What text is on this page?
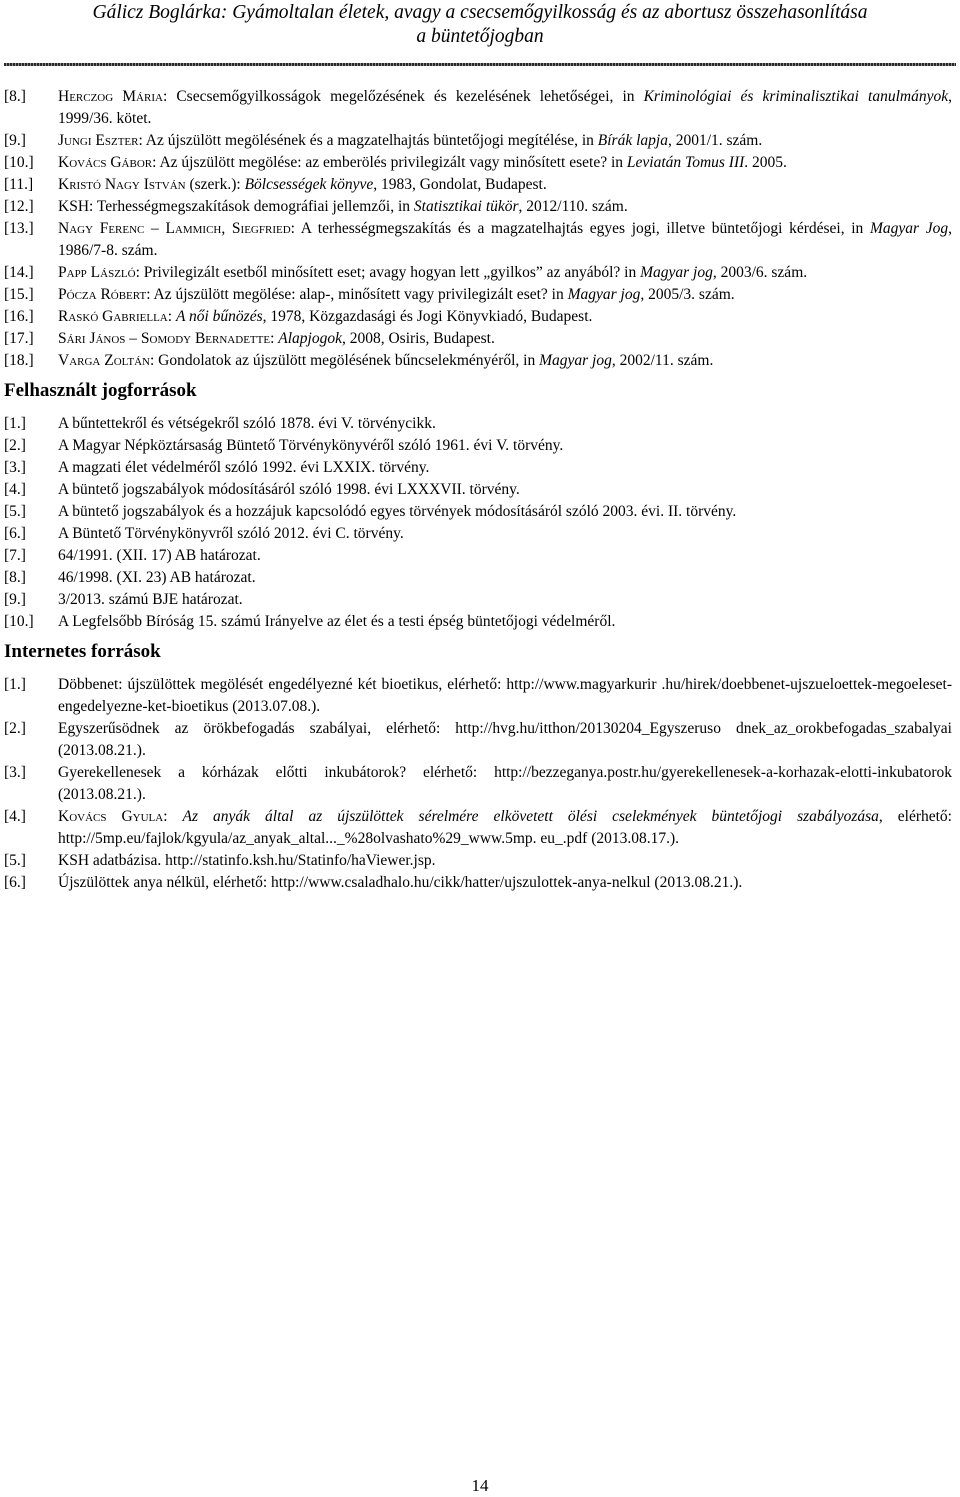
Gálicz Boglárka: Gyámoltalan életek, avagy a csecsemőgyilkosság és az abortusz összehasonlítása
a büntetőjogban

[8.] Herczog Mária: Csecsemőgyilkosságok megelőzésének és kezelésének lehetőségei, in Kriminológiai és kriminalisztikai tanulmányok, 1999/36. kötet.

[9.] Jungi Eszter: Az újszülött megölésének és a magzatelhajtás büntetőjogi megítélése, in Bírák lapja, 2001/1. szám.

[10.] Kovács Gábor: Az újszülött megölése: az emberölés privilegizált vagy minősített esete? in Leviatán Tomus III. 2005.

[11.] Kristó Nagy István (szerk.): Bölcsességek könyve, 1983, Gondolat, Budapest.

[12.] KSH: Terhességmegszakítások demográfiai jellemzői, in Statisztikai tükör, 2012/110. szám.

[13.] Nagy Ferenc – Lammich, Siegfried: A terhességmegszakítás és a magzatelhajtás egyes jogi, illetve büntetőjogi kérdései, in Magyar Jog, 1986/7-8. szám.

[14.] Papp László: Privilegizált esetből minősített eset; avagy hogyan lett „gyilkos” az anyából? in Magyar jog, 2003/6. szám.

[15.] Pócza Róbert: Az újszülött megölése: alap-, minősített vagy privilegizált eset? in Magyar jog, 2005/3. szám.

[16.] Raskó Gabriella: A női bűnözés, 1978, Közgazdasági és Jogi Könyvkiadó, Budapest.

[17.] Sári János – Somody Bernadette: Alapjogok, 2008, Osiris, Budapest.

[18.] Varga Zoltán: Gondolatok az újszülött megölésének bűncselekményéről, in Magyar jog, 2002/11. szám.

Felhasznált jogforrások

[1.] A bűntettekről és vétségekről szóló 1878. évi V. törvénycikk.

[2.] A Magyar Népköztársaság Büntető Törvénykönyvéről szóló 1961. évi V. törvény.

[3.] A magzati élet védelméről szóló 1992. évi LXXIX. törvény.

[4.] A büntető jogszabályok módosításáról szóló 1998. évi LXXXVII. törvény.

[5.] A büntető jogszabályok és a hozzájuk kapcsolódó egyes törvények módosításáról szóló 2003. évi. II. törvény.

[6.] A Büntető Törvénykönyvről szóló 2012. évi C. törvény.

[7.] 64/1991. (XII. 17) AB határozat.

[8.] 46/1998. (XI. 23) AB határozat.

[9.] 3/2013. számú BJE határozat.

[10.] A Legfelsőbb Bíróság 15. számú Irányelve az élet és a testi épség büntetőjogi védelméről.

Internetes források

[1.] Döbbenet: újszülöttek megölését engedélyezné két bioetikus, elérhető: http://www.magyarkurir .hu/hirek/doebbenet-ujszueloettek-megoeleset-engedelyezne-ket-bioetikus (2013.07.08.).

[2.] Egyszerűsödnek az örökbefogadás szabályai, elérhető: http://hvg.hu/itthon/20130204_Egyszeruso dnek_az_orokbefogadas_szabalyai (2013.08.21.).

[3.] Gyerekellenesek a kórházak előtti inkubátorok? elérhető: http://bezzeganya.postr.hu/gyerekellenesek-a-korhazak-elotti-inkubatorok (2013.08.21.).

[4.] Kovács Gyula: Az anyák által az újszülöttek sérelmére elkövetett ölési cselekmények büntetőjogi szabályozása, elérhető: http://5mp.eu/fajlok/kgyula/az_anyak_altal..._%28olvashato%29_www.5mp. eu_.pdf (2013.08.17.).

[5.] KSH adatbázisa. http://statinfo.ksh.hu/Statinfo/haViewer.jsp.

[6.] Újszülöttek anya nélkül, elérhető: http://www.csaladhalo.hu/cikk/hatter/ujszulottek-anya-nelkul (2013.08.21.).

14
